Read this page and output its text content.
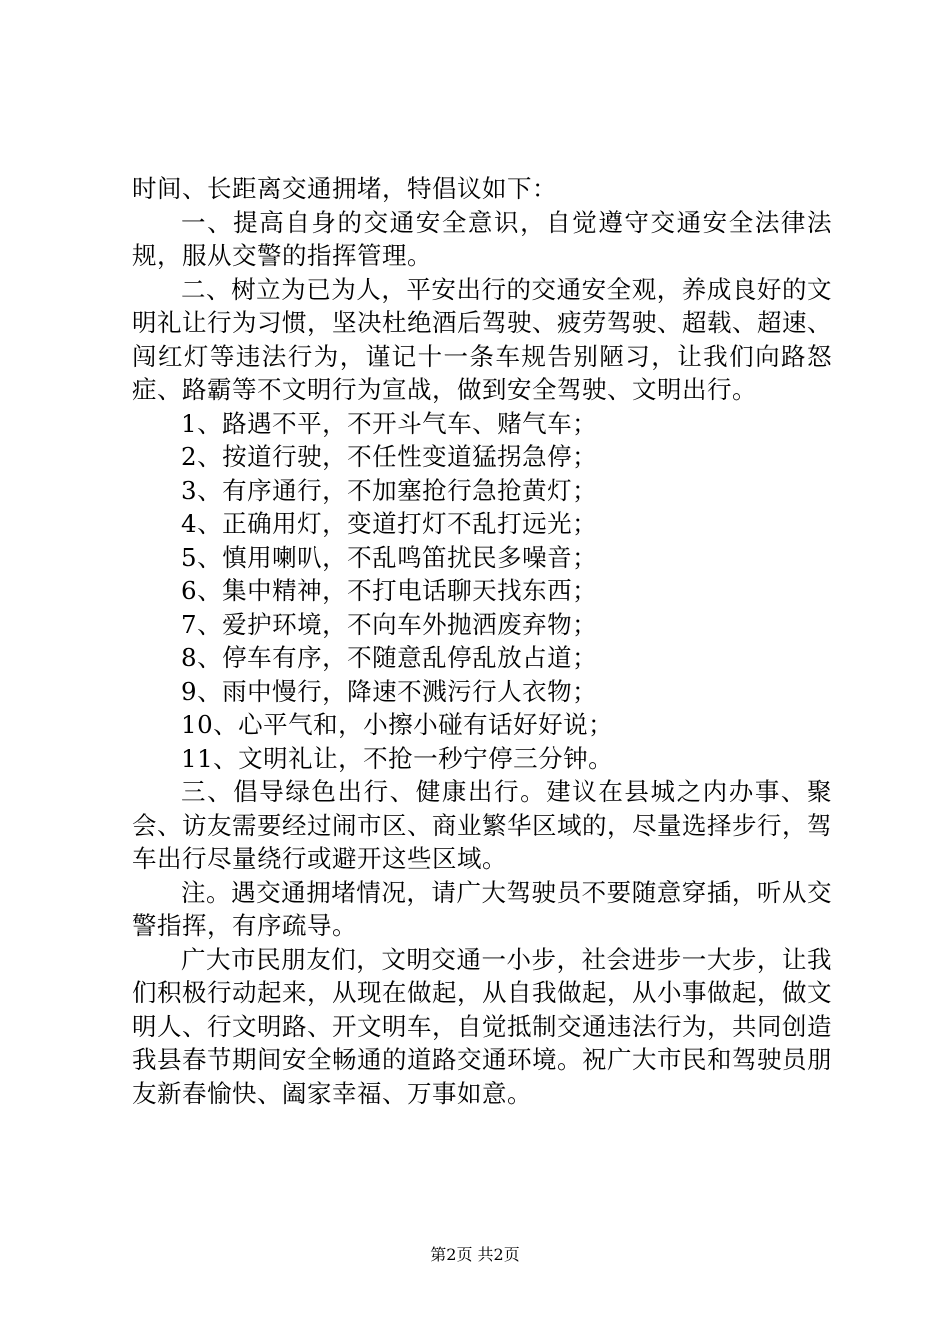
时间、长距离交通拥堵，特倡议如下：

一、提高自身的交通安全意识，自觉遵守交通安全法律法规，服从交警的指挥管理。

二、树立为已为人，平安出行的交通安全观，养成良好的文明礼让行为习惯，坚决杜绝酒后驾驶、疲劳驾驶、超载、超速、闯红灯等违法行为，谨记十一条车规告别陋习，让我们向路怒症、路霸等不文明行为宣战，做到安全驾驶、文明出行。

1、路遇不平，不开斗气车、赌气车；

2、按道行驶，不任性变道猛拐急停；

3、有序通行，不加塞抢行急抢黄灯；

4、正确用灯，变道打灯不乱打远光；

5、慎用喇叭，不乱鸣笛扰民多噪音；

6、集中精神，不打电话聊天找东西；

7、爱护环境，不向车外抛洒废弃物；

8、停车有序，不随意乱停乱放占道；

9、雨中慢行，降速不溅污行人衣物；

10、心平气和，小擦小碰有话好好说；

11、文明礼让，不抢一秒宁停三分钟。

三、倡导绿色出行、健康出行。建议在县城之内办事、聚会、访友需要经过闹市区、商业繁华区域的，尽量选择步行，驾车出行尽量绕行或避开这些区域。

注。遇交通拥堵情况，请广大驾驶员不要随意穿插，听从交警指挥，有序疏导。

广大市民朋友们，文明交通一小步，社会进步一大步，让我们积极行动起来，从现在做起，从自我做起，从小事做起，做文明人、行文明路、开文明车，自觉抵制交通违法行为，共同创造我县春节期间安全畅通的道路交通环境。祝广大市民和驾驶员朋友新春愉快、阖家幸福、万事如意。

第2页 共2页
